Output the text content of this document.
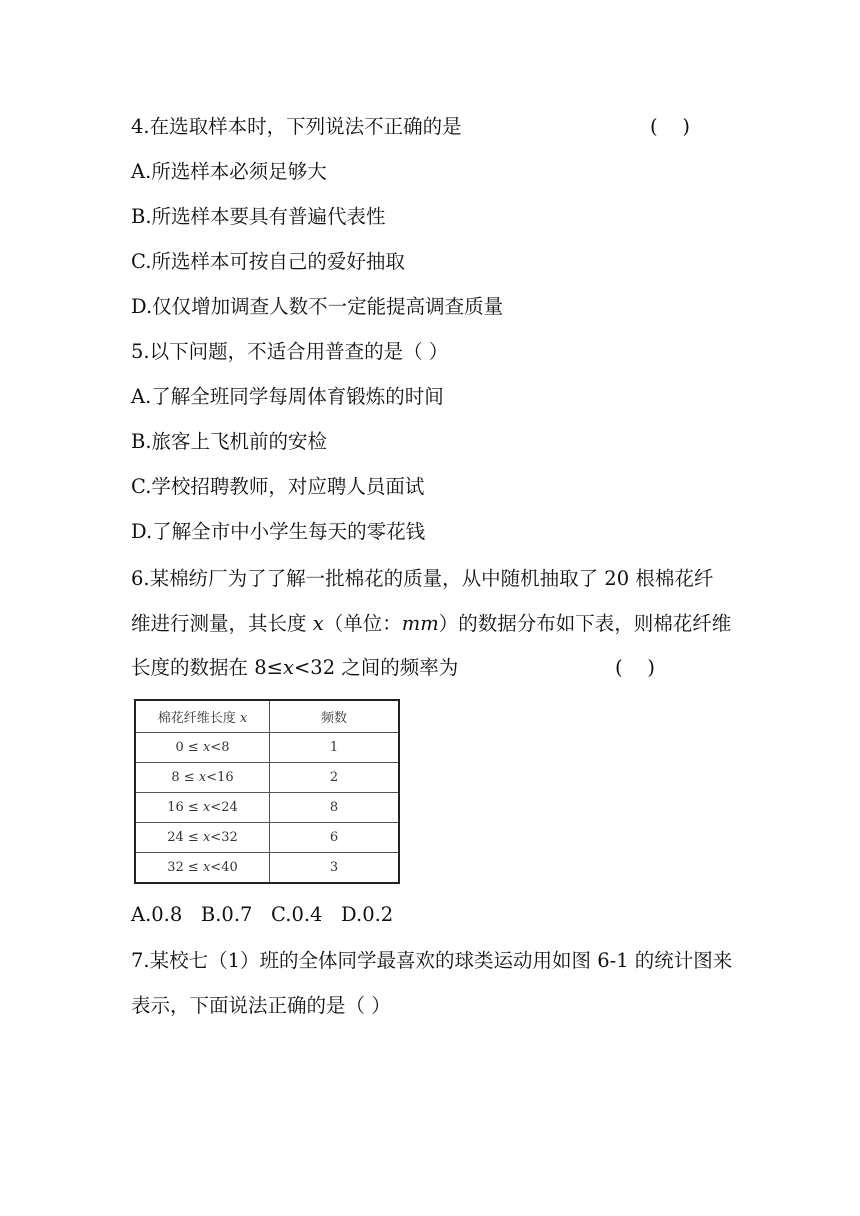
4.在选取样本时，下列说法不正确的是	(    )
A.所选样本必须足够大
B.所选样本要具有普遍代表性
C.所选样本可按自己的爱好抽取
D.仅仅增加调查人数不一定能提高调查质量
5.以下问题，不适合用普查的是（ ）
A.了解全班同学每周体育锻炼的时间
B.旅客上飞机前的安检
C.学校招聘教师，对应聘人员面试
D.了解全市中小学生每天的零花钱
6.某棉纺厂为了了解一批棉花的质量，从中随机抽取了 20 根棉花纤
维进行测量，其长度 x（单位：mm）的数据分布如下表，则棉花纤维
长度的数据在 8≤x<32 之间的频率为	(    )
棉花纤维长度 x	频数
0 ≤ x<8	1
8 ≤ x<16	2
16 ≤ x<24	8
24 ≤ x<32	6
32 ≤ x<40	3
A.0.8   B.0.7   C.0.4   D.0.2
7.某校七（1）班的全体同学最喜欢的球类运动用如图 6-1 的统计图来
表示，下面说法正确的是（ ）
